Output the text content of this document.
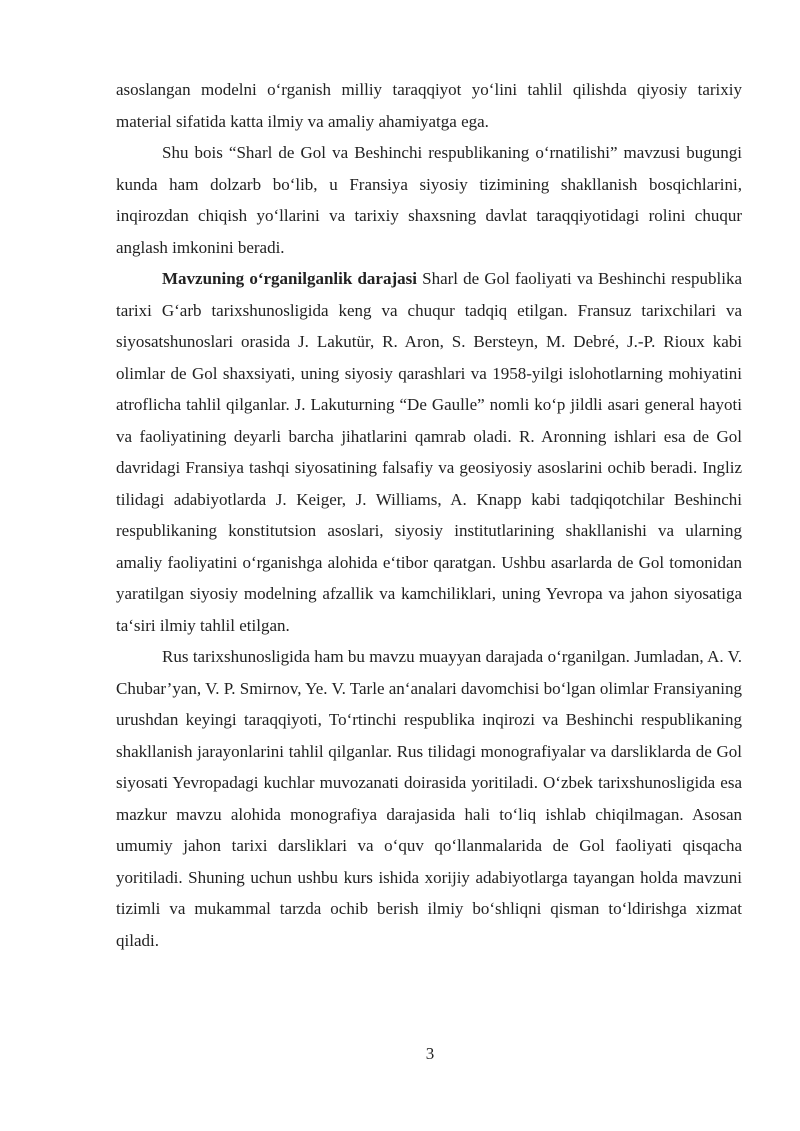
asoslangan modelni o‘rganish milliy taraqqiyot yo‘lini tahlil qilishda qiyosiy tarixiy material sifatida katta ilmiy va amaliy ahamiyatga ega.

Shu bois “Sharl de Gol va Beshinchi respublikaning o‘rnatilishi” mavzusi bugungi kunda ham dolzarb bo‘lib, u Fransiya siyosiy tizimining shakllanish bosqichlarini, inqirozdan chiqish yo‘llarini va tarixiy shaxsning davlat taraqqiyotidagi rolini chuqur anglash imkonini beradi.

Mavzuning o‘rganilganlik darajasi Sharl de Gol faoliyati va Beshinchi respublika tarixi G‘arb tarixshunosligida keng va chuqur tadqiq etilgan. Fransuz tarixchilari va siyosatshunoslari orasida J. Lakutür, R. Aron, S. Bersteyn, M. Debré, J.-P. Rioux kabi olimlar de Gol shaxsiyati, uning siyosiy qarashlari va 1958-yilgi islohotlarning mohiyatini atroflicha tahlil qilganlar. J. Lakuturning “De Gaulle” nomli ko‘p jildli asari general hayoti va faoliyatining deyarli barcha jihatlarini qamrab oladi. R. Aronning ishlari esa de Gol davridagi Fransiya tashqi siyosatining falsafiy va geosiyosiy asoslarini ochib beradi. Ingliz tilidagi adabiyotlarda J. Keiger, J. Williams, A. Knapp kabi tadqiqotchilar Beshinchi respublikaning konstitutsion asoslari, siyosiy institutlarining shakllanishi va ularning amaliy faoliyatini o‘rganishga alohida e‘tibor qaratgan. Ushbu asarlarda de Gol tomonidan yaratilgan siyosiy modelning afzallik va kamchiliklari, uning Yevropa va jahon siyosatiga ta‘siri ilmiy tahlil etilgan.

Rus tarixshunosligida ham bu mavzu muayyan darajada o‘rganilgan. Jumladan, A. V. Chubar’yan, V. P. Smirnov, Ye. V. Tarle an‘analari davomchisi bo‘lgan olimlar Fransiyaning urushdan keyingi taraqqiyoti, To‘rtinchi respublika inqirozi va Beshinchi respublikaning shakllanish jarayonlarini tahlil qilganlar. Rus tilidagi monografiyalar va darsliklarda de Gol siyosati Yevropadagi kuchlar muvozanati doirasida yoritiladi. O‘zbek tarixshunosligida esa mazkur mavzu alohida monografiya darajasida hali to‘liq ishlab chiqilmagan. Asosan umumiy jahon tarixi darsliklari va o‘quv qo‘llanmalarida de Gol faoliyati qisqacha yoritiladi. Shuning uchun ushbu kurs ishida xorijiy adabiyotlarga tayangan holda mavzuni tizimli va mukammal tarzda ochib berish ilmiy bo‘shliqni qisman to‘ldirishga xizmat qiladi.

3
